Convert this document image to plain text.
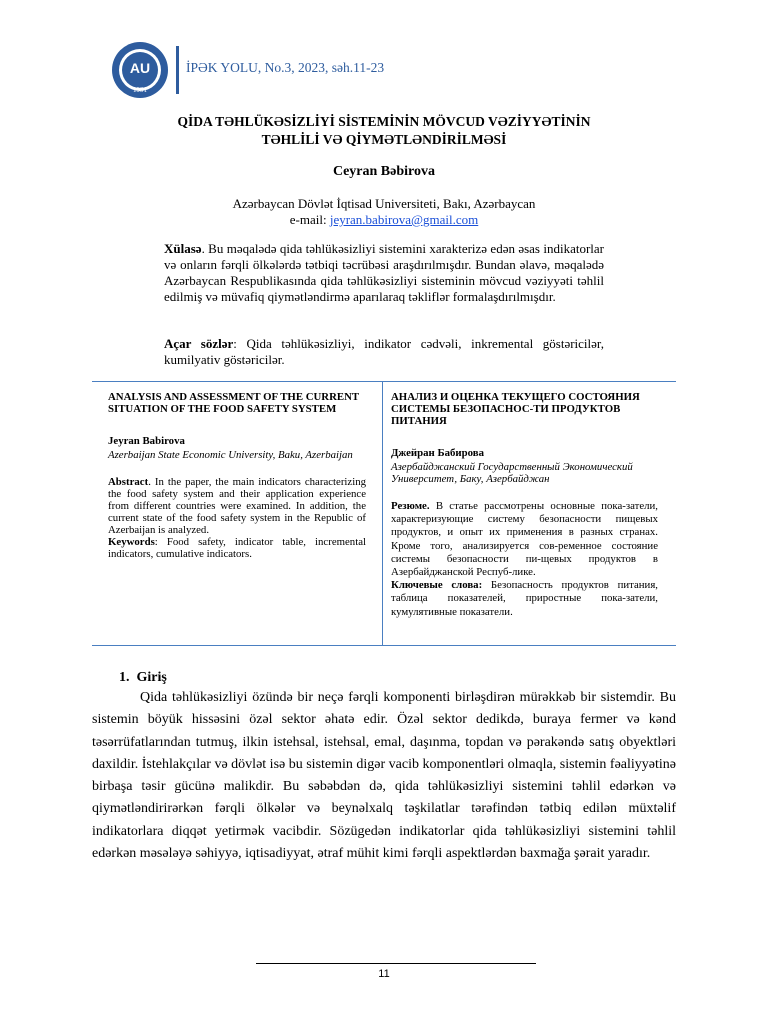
AU
1991
İPƏK YOLU, No.3, 2023, səh.11-23
QİDA TƏHLÜKƏSİZLİYİ SİSTEMİNİN MÖVCUD VƏZİYYƏTİNİN
TƏHLİLİ VƏ QİYMƏTLƏNDİRİLMƏSİ
Ceyran Bəbirova
Azərbaycan Dövlət İqtisad Universiteti, Bakı, Azərbaycan
e-mail: jeyran.babirova@gmail.com
Xülasə. Bu məqalədə qida təhlükəsizliyi sistemini xarakterizə edən əsas indikatorlar və onların fərqli ölkələrdə tətbiqi təcrübəsi araşdırılmışdır. Bundan əlavə, məqalədə Azərbaycan Respublikasında qida təhlükəsizliyi sisteminin mövcud vəziyyəti təhlil edilmiş və müvafiq qiymətləndirmə aparılaraq təkliflər formalaşdırılmışdır.
Açar sözlər: Qida təhlükəsizliyi, indikator cədvəli, inkremental göstəricilər, kumilyativ göstəricilər.
ANALYSIS AND ASSESSMENT OF THE CURRENT SITUATION OF THE FOOD SAFETY SYSTEM
Jeyran Babirova
Azerbaijan State Economic University, Baku, Azerbaijan
Abstract. In the paper, the main indicators characterizing the food safety system and their application experience from different countries were examined. In addition, the current state of the food safety system in the Republic of Azerbaijan is analyzed.
Keywords: Food safety, indicator table, incremental indicators, cumulative indicators.
АНАЛИЗ И ОЦЕНКА ТЕКУЩЕГО СОСТОЯНИЯ СИСТЕМЫ БЕЗОПАСНОС-ТИ ПРОДУКТОВ ПИТАНИЯ
Джейран Бабирова
Азербайджанский Государственный Экономический Университет, Баку, Азербайджан
Резюме. В статье рассмотрены основные пока-затели, характеризующие систему безопасности пищевых продуктов, и опыт их применения в разных странах. Кроме того, анализируется сов-ременное состояние системы безопасности пи-щевых продуктов в Азербайджанской Респуб-лике.
Ключевые слова: Безопасность продуктов питания, таблица показателей, приростные пока-затели, кумулятивные показатели.
1. Giriş
Qida təhlükəsizliyi özündə bir neçə fərqli komponenti birləşdirən mürəkkəb bir sistemdir. Bu sistemin böyük hissəsini özəl sektor əhatə edir. Özəl sektor dedikdə, buraya fermer və kənd təsərrüfatlarından tutmuş, ilkin istehsal, istehsal, emal, daşınma, topdan və pərakəndə satış obyektləri daxildir. İstehlakçılar və dövlət isə bu sistemin digər vacib komponentləri olmaqla, sistemin fəaliyyətinə birbaşa təsir gücünə malikdir. Bu səbəbdən də, qida təhlükəsizliyi sistemini təhlil edərkən və qiymətləndirirərkən fərqli ölkələr və beynəlxalq təşkilatlar tərəfindən tətbiq edilən müxtəlif indikatorlara diqqət yetirmək vacibdir. Sözügedən indikatorlar qida təhlükəsizliyi sistemini təhlil edərkən məsələyə səhiyyə, iqtisadiyyat, ətraf mühit kimi fərqli aspektlərdən baxmağa şərait yaradır.
11
